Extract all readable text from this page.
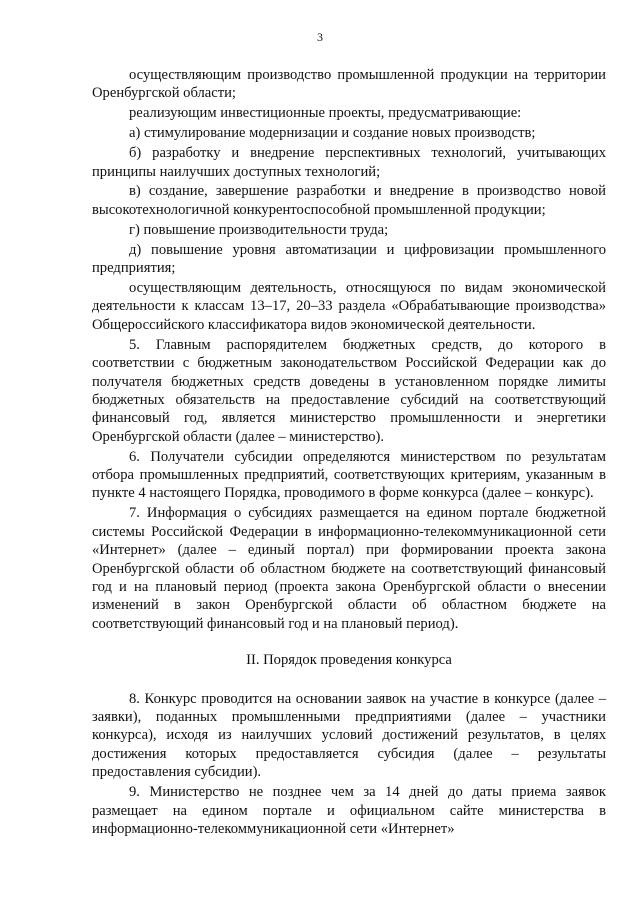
3

осуществляющим производство промышленной продукции на территории Оренбургской области;

реализующим инвестиционные проекты, предусматривающие:

а) стимулирование модернизации и создание новых производств;

б) разработку и внедрение перспективных технологий, учитывающих принципы наилучших доступных технологий;

в) создание, завершение разработки и внедрение в производство новой высокотехнологичной конкурентоспособной промышленной продукции;

г) повышение производительности труда;

д) повышение уровня автоматизации и цифровизации промышленного предприятия;

осуществляющим деятельность, относящуюся по видам экономической деятельности к классам 13–17, 20–33 раздела «Обрабатывающие производства» Общероссийского классификатора видов экономической деятельности.

5. Главным распорядителем бюджетных средств, до которого в соответствии с бюджетным законодательством Российской Федерации как до получателя бюджетных средств доведены в установленном порядке лимиты бюджетных обязательств на предоставление субсидий на соответствующий финансовый год, является министерство промышленности и энергетики Оренбургской области (далее – министерство).

6. Получатели субсидии определяются министерством по результатам отбора промышленных предприятий, соответствующих критериям, указанным в пункте 4 настоящего Порядка, проводимого в форме конкурса (далее – конкурс).

7. Информация о субсидиях размещается на едином портале бюджетной системы Российской Федерации в информационно-телекоммуникационной сети «Интернет» (далее – единый портал) при формировании проекта закона Оренбургской области об областном бюджете на соответствующий финансовый год и на плановый период (проекта закона Оренбургской области о внесении изменений в закон Оренбургской области об областном бюджете на соответствующий финансовый год и на плановый период).

II. Порядок проведения конкурса

8. Конкурс проводится на основании заявок на участие в конкурсе (далее – заявки), поданных промышленными предприятиями (далее – участники конкурса), исходя из наилучших условий достижений результатов, в целях достижения которых предоставляется субсидия (далее – результаты предоставления субсидии).

9. Министерство не позднее чем за 14 дней до даты приема заявок размещает на едином портале и официальном сайте министерства в информационно-телекоммуникационной сети «Интернет»
